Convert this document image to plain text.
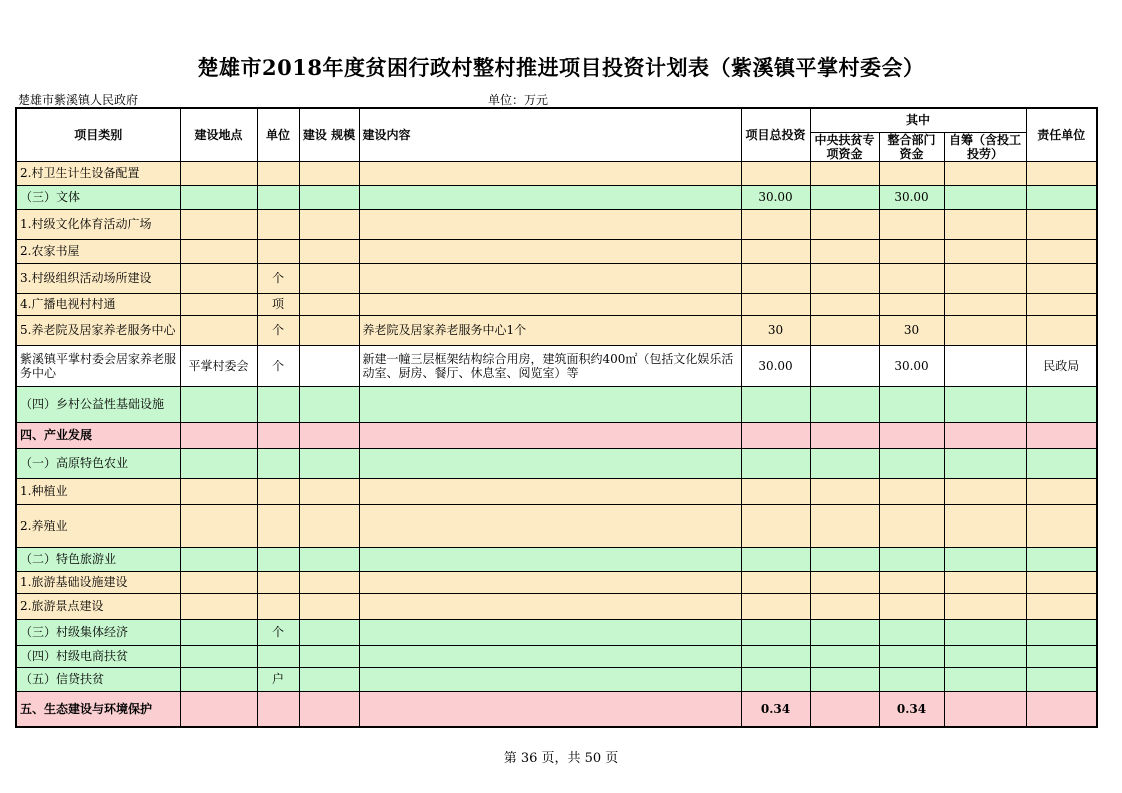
楚雄市2018年度贫困行政村整村推进项目投资计划表（紫溪镇平掌村委会）
楚雄市紫溪镇人民政府	单位：万元
项目类别	建设地点	单位	建设 规模	建设内容	项目总投资	其中			责任单位
						中央扶贫专项资金	整合部门资金	自筹（含投工投劳）	
2.村卫生计生设备配置									
（三）文体					30.00		30.00		
1.村级文化体育活动广场									
2.农家书屋									
3.村级组织活动场所建设		个							
4.广播电视村村通		项							
5.养老院及居家养老服务中心		个		养老院及居家养老服务中心1个	30		30		
紫溪镇平掌村委会居家养老服务中心	平掌村委会	个		新建一幢三层框架结构综合用房，建筑面积约400㎡（包括文化娱乐活动室、厨房、餐厅、休息室、阅览室）等	30.00		30.00		民政局
（四）乡村公益性基础设施									
四、产业发展									
（一）高原特色农业									
1.种植业									
2.养殖业									
（二）特色旅游业									
1.旅游基础设施建设									
2.旅游景点建设									
（三）村级集体经济		个							
（四）村级电商扶贫									
（五）信贷扶贫		户							
五、生态建设与环境保护					0.34		0.34		
第 36 页，共 50 页
